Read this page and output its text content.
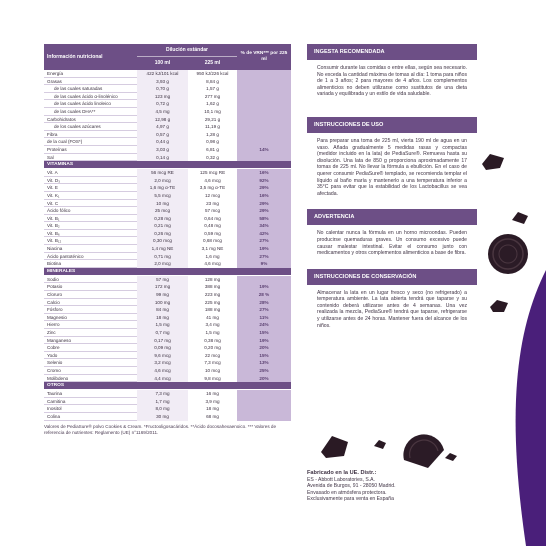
Información nutricional
Dilución estándar
100 ml	225 ml
% de VRN*** por 225 ml
Energía	422 kJ/101 kcal	950 kJ/226 kcal
Grasas	3,93 g	8,84 g
de las cuales saturadas	0,70 g	1,57 g
de las cuales ácido α-linolénico	123 mg	277 mg
de las cuales ácido linoleico	0,72 g	1,62 g
de las cuales DHA**	4,5 mg	10,1 mg
Carbohidratos	12,98 g	29,21 g
de los cuales azúcares	4,97 g	11,19 g
Fibra	0,57 g	1,28 g
de la cual (FOS*)	0,44 g	0,98 g
Proteínas	3,03 g	6,81 g	14%
Sal	0,14 g	0,32 g
VITAMINAS
Vit. A	56 mcg RE	125 mcg RE	16%
Vit. D₃	2,0 mcg	4,6 mcg	92%
Vit. E	1,6 mg α-TE	3,5 mg α-TE	29%
Vit. K₁	5,5 mcg	12 mcg	16%
Vit. C	10 mg	23 mg	29%
Ácido fólico	25 mcg	57 mcg	29%
Vit. B₁	0,28 mg	0,64 mg	58%
Vit. B₂	0,21 mg	0,48 mg	34%
Vit. B₆	0,26 mg	0,59 mg	42%
Vit. B₁₂	0,30 mcg	0,68 mcg	27%
Niacina	1,4 mg NE	3,1 mg NE	19%
Ácido pantoténico	0,71 mg	1,6 mg	27%
Biotina	2,0 mcg	4,6 mcg	9%
MINERALES
Sodio	57 mg	128 mg
Potasio	172 mg	388 mg	19%
Cloruro	99 mg	223 mg	28 %
Calcio	100 mg	225 mg	28%
Fósforo	84 mg	188 mg	27%
Magnesio	18 mg	41 mg	11%
Hierro	1,5 mg	3,4 mg	24%
Zinc	0,7 mg	1,5 mg	15%
Manganeso	0,17 mg	0,38 mg	19%
Cobre	0,09 mg	0,20 mg	20%
Yodo	9,6 mcg	22 mcg	15%
Selenio	3,2 mcg	7,3 mcg	13%
Cromo	4,6 mcg	10 mcg	25%
Molibdeno	4,4 mcg	9,8 mcg	20%
OTROS
Taurina	7,3 mg	16 mg
Carnitina	1,7 mg	3,9 mg
Inositol	8,0 mg	18 mg
Colina	30 mg	68 mg
Valores de PediaSure® polvo Cookies & Cream. *Fructooligosacáridos. **Ácido docosahexaenoico. *** Valores de referencia de nutrientes: Reglamento (UE) n°1169/2011.
INGESTA RECOMENDADA
Consumir durante las comidas o entre ellas, según sea necesario. No exceda la cantidad máxima de tomas al día: 1 toma para niños de 1 a 3 años; 2 para mayores de 4 años. Los complementos alimenticios no deben utilizarse como sustitutos de una dieta variada y equilibrada y un estilo de vida saludable.
INSTRUCCIONES DE USO
Para preparar una toma de 225 ml, vierta 190 ml de agua en un vaso. Añada gradualmente 5 medidas rasas y compactas (medidor incluido en la lata) de PediaSure®. Remueva hasta su disolución. Una lata de 850 g proporciona aproximadamente 17 tomas de 225 ml. No llevar la fórmula a ebullición. En el caso de querer consumir PediaSure® templado, se recomienda templar el líquido al baño maría y mantenerlo a una temperatura inferior a 35°C para evitar que la estabilidad de los Lactobacillus se vea afectada.
ADVERTENCIA
No calentar nunca la fórmula en un horno microondas. Pueden producirse quemaduras graves. Un consumo excesivo puede causar malestar intestinal. Evitar el consumo junto con medicamentos y otros complementos alimenticios a base de fibra.
INSTRUCCIONES DE CONSERVACIÓN
Almacenar la lata en un lugar fresco y seco (no refrigerado) a temperatura ambiente. La lata abierta tendrá que taparse y su contenido deberá utilizarse antes de 4 semanas. Una vez realizada la mezcla, PediaSure® tendrá que taparse, refrigerarse y utilizarse antes de 24 horas. Mantener fuera del alcance de los niños.
Fabricado en la UE. Distr.:
ES - Abbott Laboratories, S.A.
Avenida de Burgos, 91 - 28050 Madrid.
Envasado en atmósfera protectora.
Exclusivamente para venta en España
